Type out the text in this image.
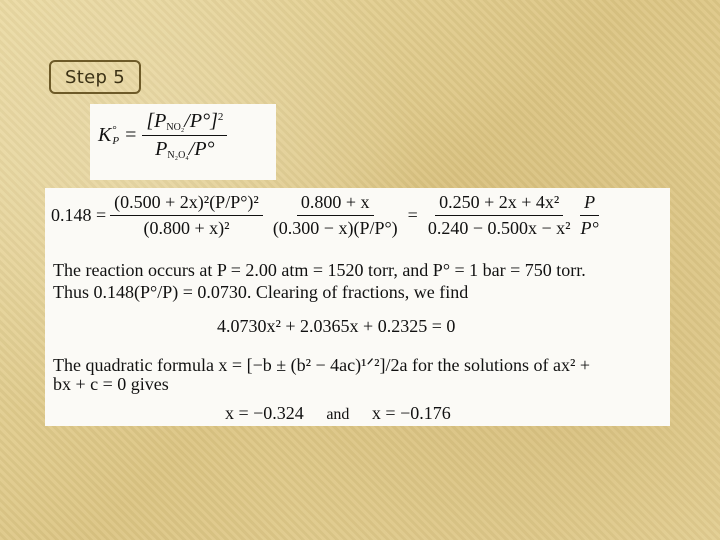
Step 5
K °
$P = \frac{[P_{NO_2}/P^\circ]^2}{P_{N_2O_4}/P^\circ}$
$0.148 = \frac{\text{(0.500 + 2x)²(P/P°)²}}{\text{(0.800 + x)²}} \frac{0.800 + x}{(0.300 - x)(P/P^\circ)} = \frac{\text{0.250 + 2x + 4x²}}{\text{0.240 − 0.500x − x²}} \frac{P}{P^\circ}$
The reaction occurs at P = 2.00 atm = 1520 torr, and P° = 1 bar = 750 torr.
Thus 0.148(P°/P) = 0.0730. Clearing of fractions, we find
4.0730x² + 2.0365x + 0.2325 = 0
The quadratic formula x = [−b ± (b² − 4ac)¹ᐟ²]/2a for the solutions of ax² +
bx + c = 0 gives
x = −0.324 and x = −0.176
